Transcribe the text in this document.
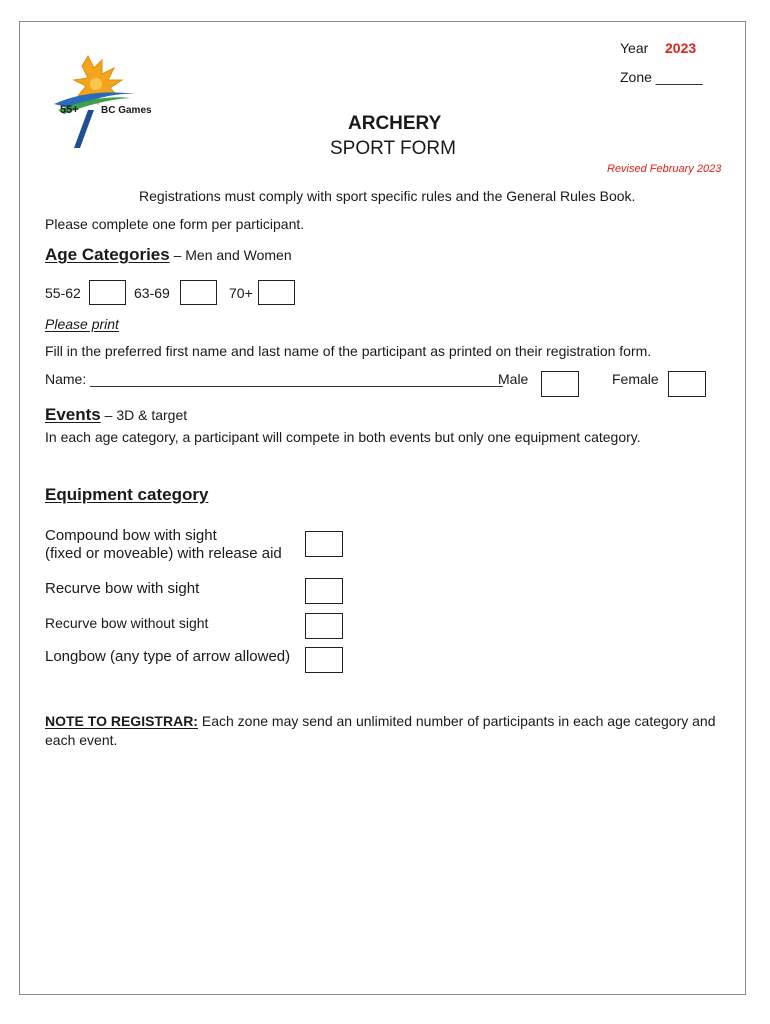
55+ BC Games
Year 2023
Zone ______
ARCHERY
SPORT FORM
Revised February 2023
Registrations must comply with sport specific rules and the General Rules Book.
Please complete one form per participant.
Age Categories – Men and Women
55-62	63-69	70+
Please print
Fill in the preferred first name and last name of the participant as printed on their registration form.
Name: _____________________________________________________
Male	Female
Events – 3D & target
In each age category, a participant will compete in both events but only one equipment category.
Equipment category
Compound bow with sight
(fixed or moveable) with release aid
Recurve bow with sight
Recurve bow without sight
Longbow (any type of arrow allowed)
NOTE TO REGISTRAR: Each zone may send an unlimited number of participants in each age category and
each event.
